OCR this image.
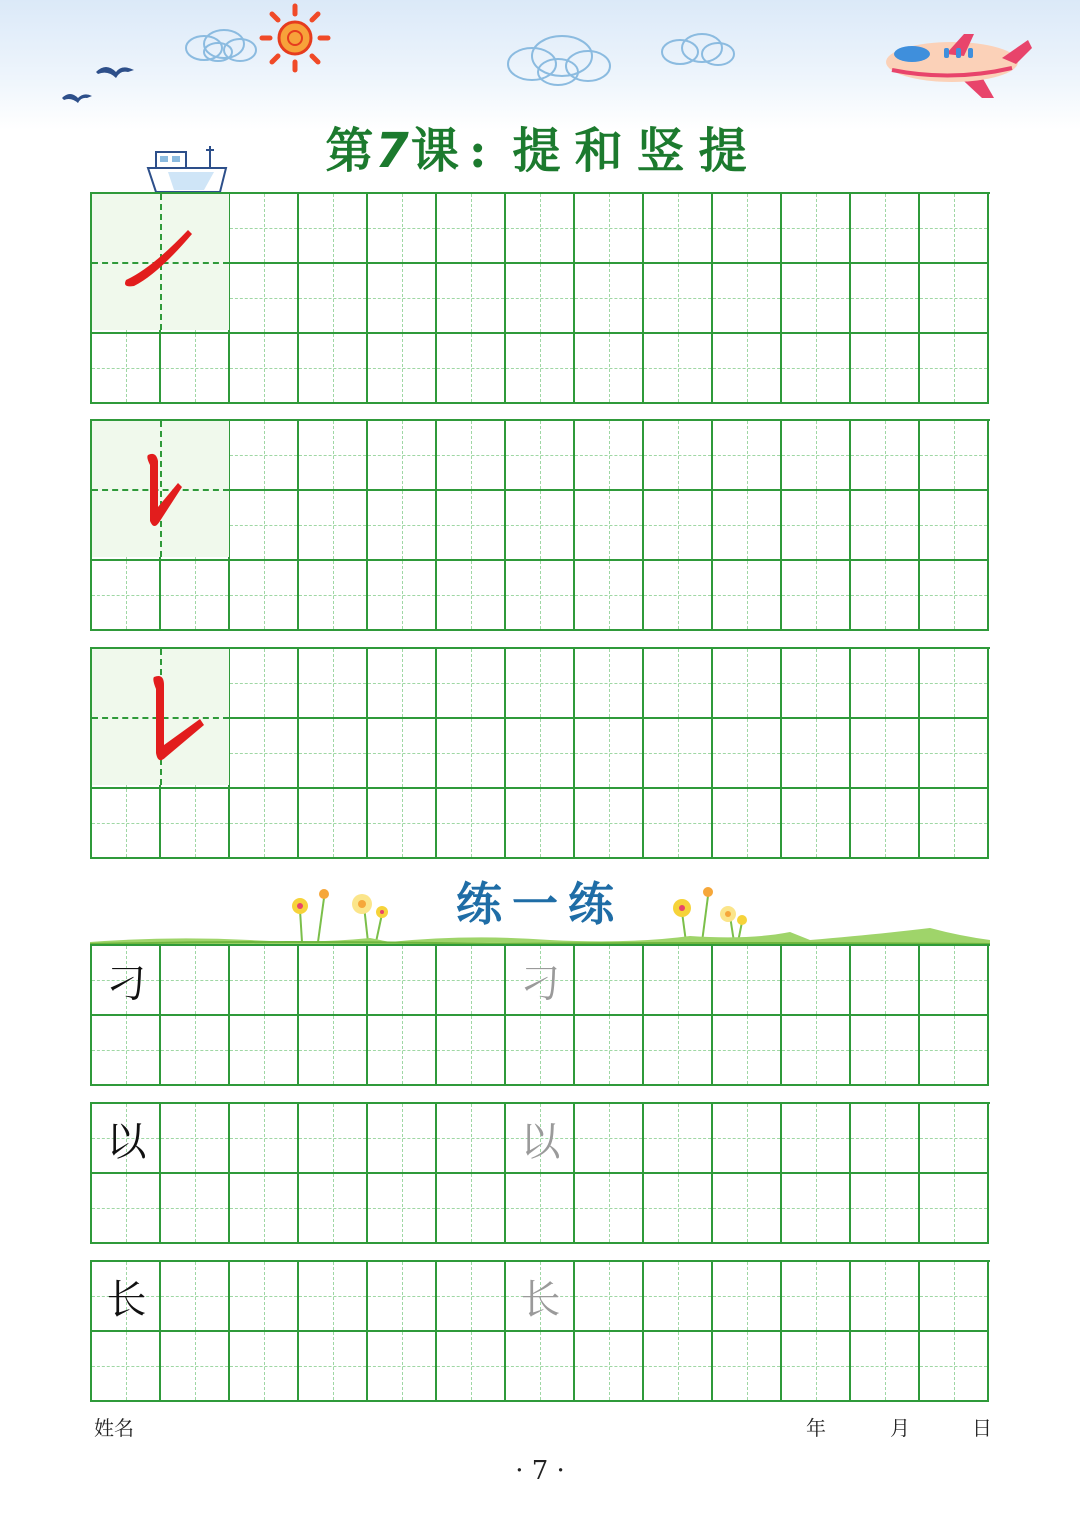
第7课 : 提 和 竖 提
练一练
刁	刁
以	以
长	长
姓名	年	月	日
· 7 ·
